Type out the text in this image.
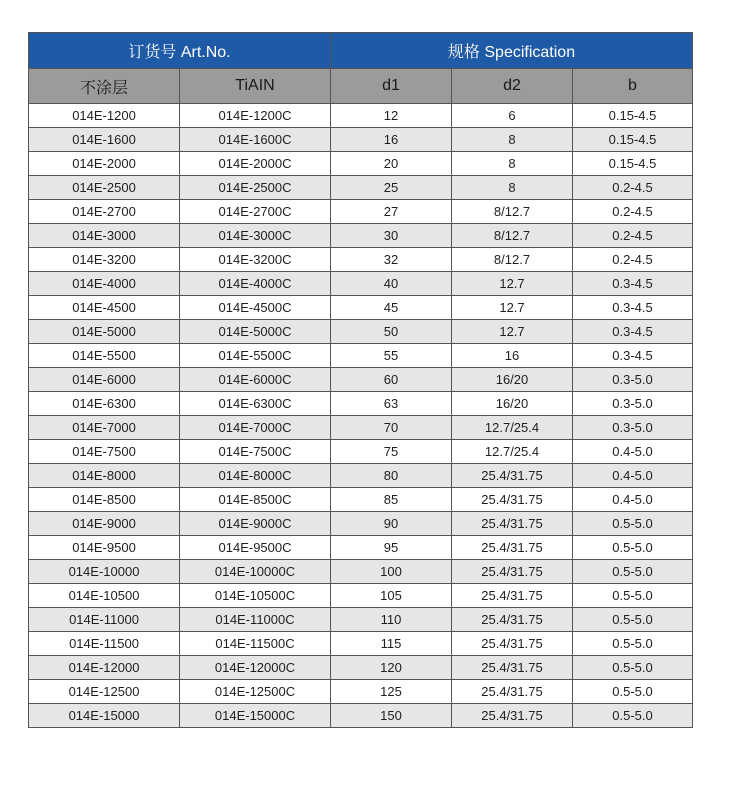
订货号 Art.No.		规格 Specification		
不涂层	TiAIN	d1	d2	b
014E-1200	014E-1200C	12	6	0.15-4.5
014E-1600	014E-1600C	16	8	0.15-4.5
014E-2000	014E-2000C	20	8	0.15-4.5
014E-2500	014E-2500C	25	8	0.2-4.5
014E-2700	014E-2700C	27	8/12.7	0.2-4.5
014E-3000	014E-3000C	30	8/12.7	0.2-4.5
014E-3200	014E-3200C	32	8/12.7	0.2-4.5
014E-4000	014E-4000C	40	12.7	0.3-4.5
014E-4500	014E-4500C	45	12.7	0.3-4.5
014E-5000	014E-5000C	50	12.7	0.3-4.5
014E-5500	014E-5500C	55	16	0.3-4.5
014E-6000	014E-6000C	60	16/20	0.3-5.0
014E-6300	014E-6300C	63	16/20	0.3-5.0
014E-7000	014E-7000C	70	12.7/25.4	0.3-5.0
014E-7500	014E-7500C	75	12.7/25.4	0.4-5.0
014E-8000	014E-8000C	80	25.4/31.75	0.4-5.0
014E-8500	014E-8500C	85	25.4/31.75	0.4-5.0
014E-9000	014E-9000C	90	25.4/31.75	0.5-5.0
014E-9500	014E-9500C	95	25.4/31.75	0.5-5.0
014E-10000	014E-10000C	100	25.4/31.75	0.5-5.0
014E-10500	014E-10500C	105	25.4/31.75	0.5-5.0
014E-11000	014E-11000C	110	25.4/31.75	0.5-5.0
014E-11500	014E-11500C	115	25.4/31.75	0.5-5.0
014E-12000	014E-12000C	120	25.4/31.75	0.5-5.0
014E-12500	014E-12500C	125	25.4/31.75	0.5-5.0
014E-15000	014E-15000C	150	25.4/31.75	0.5-5.0
